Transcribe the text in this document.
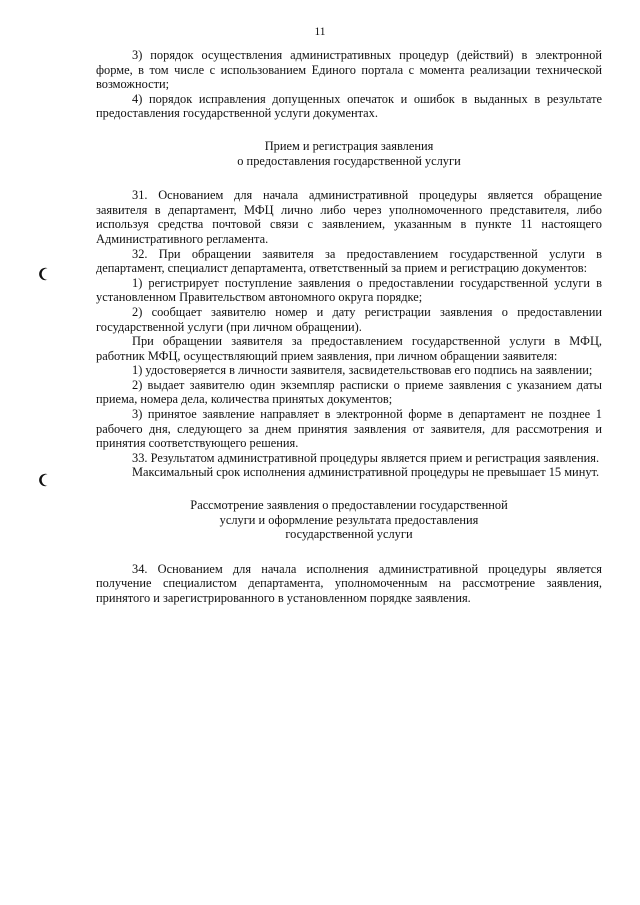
11

3) порядок осуществления административных процедур (действий) в электронной форме, в том числе с использованием Единого портала с момента реализации технической возможности;

4) порядок исправления допущенных опечаток и ошибок в выданных в результате предоставления государственной услуги документах.

Прием и регистрация заявления
о предоставления государственной услуги

31. Основанием для начала административной процедуры является обращение заявителя в департамент, МФЦ лично либо через уполномоченного представителя, либо используя средства почтовой связи с заявлением, указанным в пункте 11 настоящего Административного регламента.

32. При обращении заявителя за предоставлением государственной услуги в департамент, специалист департамента, ответственный за прием и регистрацию документов:

1) регистрирует поступление заявления о предоставлении государственной услуги в установленном Правительством автономного округа порядке;

2) сообщает заявителю номер и дату регистрации заявления о предоставлении государственной услуги (при личном обращении).

При обращении заявителя за предоставлением государственной услуги в МФЦ, работник МФЦ, осуществляющий прием заявления, при личном обращении заявителя:

1) удостоверяется в личности заявителя, засвидетельствовав его подпись на заявлении;

2) выдает заявителю один экземпляр расписки о приеме заявления с указанием даты приема, номера дела, количества принятых документов;

3) принятое заявление направляет в электронной форме в департамент не позднее 1 рабочего дня, следующего за днем принятия заявления от заявителя, для рассмотрения и принятия соответствующего решения.

33. Результатом административной процедуры является прием и регистрация заявления.

Максимальный срок исполнения административной процедуры не превышает 15 минут.

Рассмотрение заявления о предоставлении государственной
услуги и оформление результата предоставления
государственной услуги

34. Основанием для начала исполнения административной процедуры является получение специалистом департамента, уполномоченным на рассмотрение заявления, принятого и зарегистрированного в установленном порядке заявления.
